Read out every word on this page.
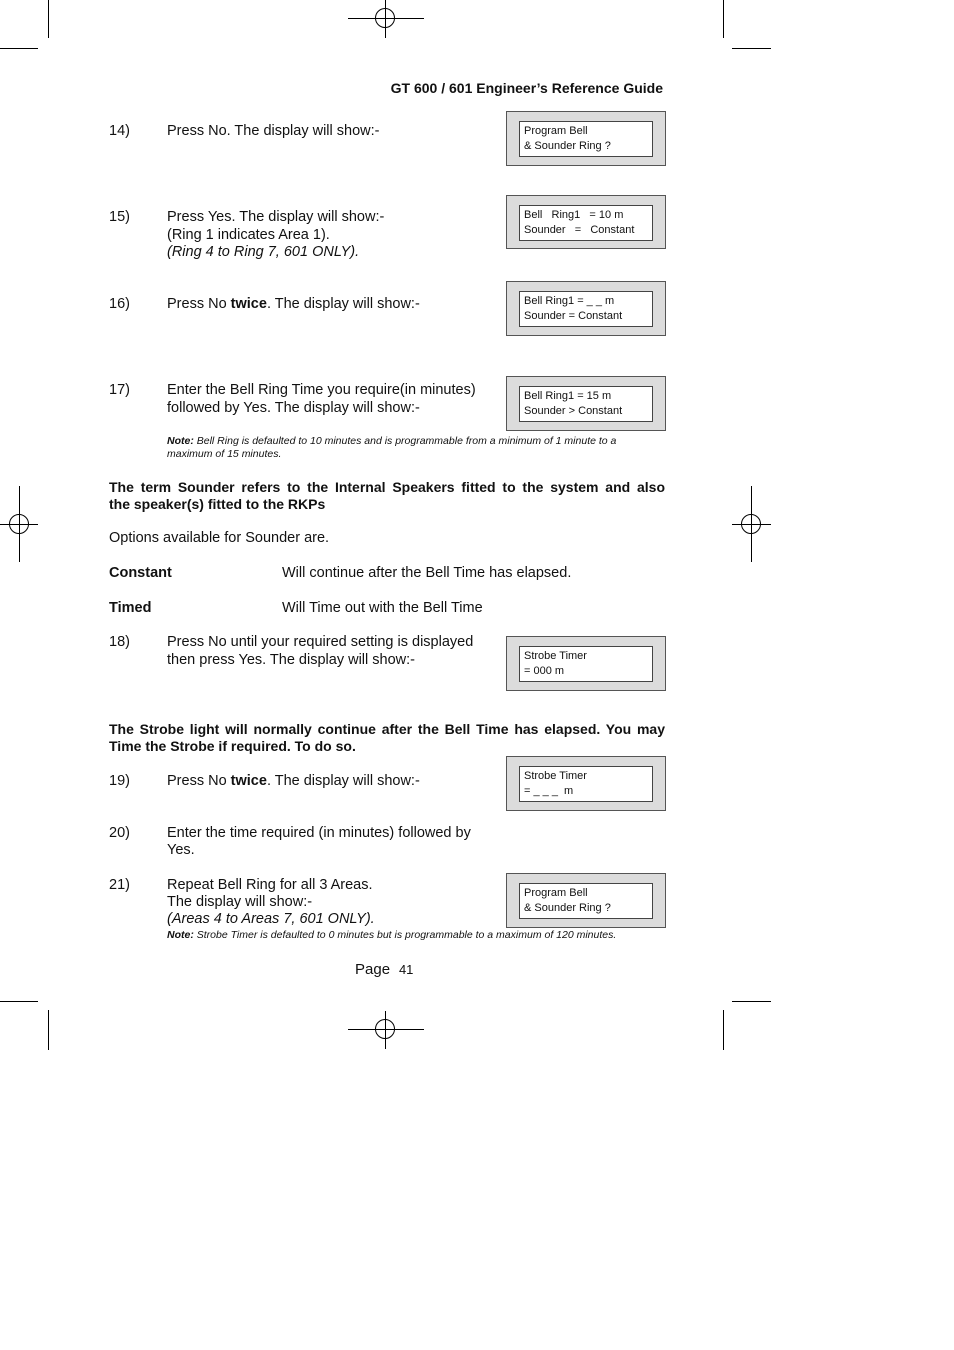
GT 600 / 601 Engineer’s Reference Guide
14)	Press No. The display will show:-	Program Bell
& Sounder Ring ?
15)	Press Yes. The display will show:-
(Ring 1 indicates Area 1).
(Ring 4 to Ring 7, 601 ONLY).
Bell   Ring1   = 10 m
Sounder   =   Constant
16)	Press No twice. The display will show:-	Bell Ring1 = _ _ m
Sounder = Constant
17)	Enter the Bell Ring Time you require(in minutes)
followed by Yes. The display will show:-
Bell Ring1 = 15 m
Sounder > Constant
Note: Bell Ring is defaulted to 10 minutes and is programmable from a minimum of 1 minute to a
maximum of 15 minutes.
The term Sounder refers to the Internal Speakers fitted to the system and also
the speaker(s) fitted to the RKPs
Options available for Sounder are.
Constant	Will continue after the Bell Time has elapsed.
Timed	Will Time out with the Bell Time
18)	Press No until your required setting is displayed
then press Yes. The display will show:-	Strobe Timer
= 000 m
The Strobe light will normally continue after the Bell Time has elapsed. You may
Time the Strobe if required. To do so.
19)	Press No twice. The display will show:-	Strobe Timer
= _ _ _  m
20)	Enter the time required (in minutes) followed by
Yes.
21)	Repeat Bell Ring for all 3 Areas.
The display will show:-
(Areas 4 to Areas 7, 601 ONLY).
Program Bell
& Sounder Ring ?
Note: Strobe Timer is defaulted to 0 minutes but is programmable to a maximum of 120 minutes.
Page 41
